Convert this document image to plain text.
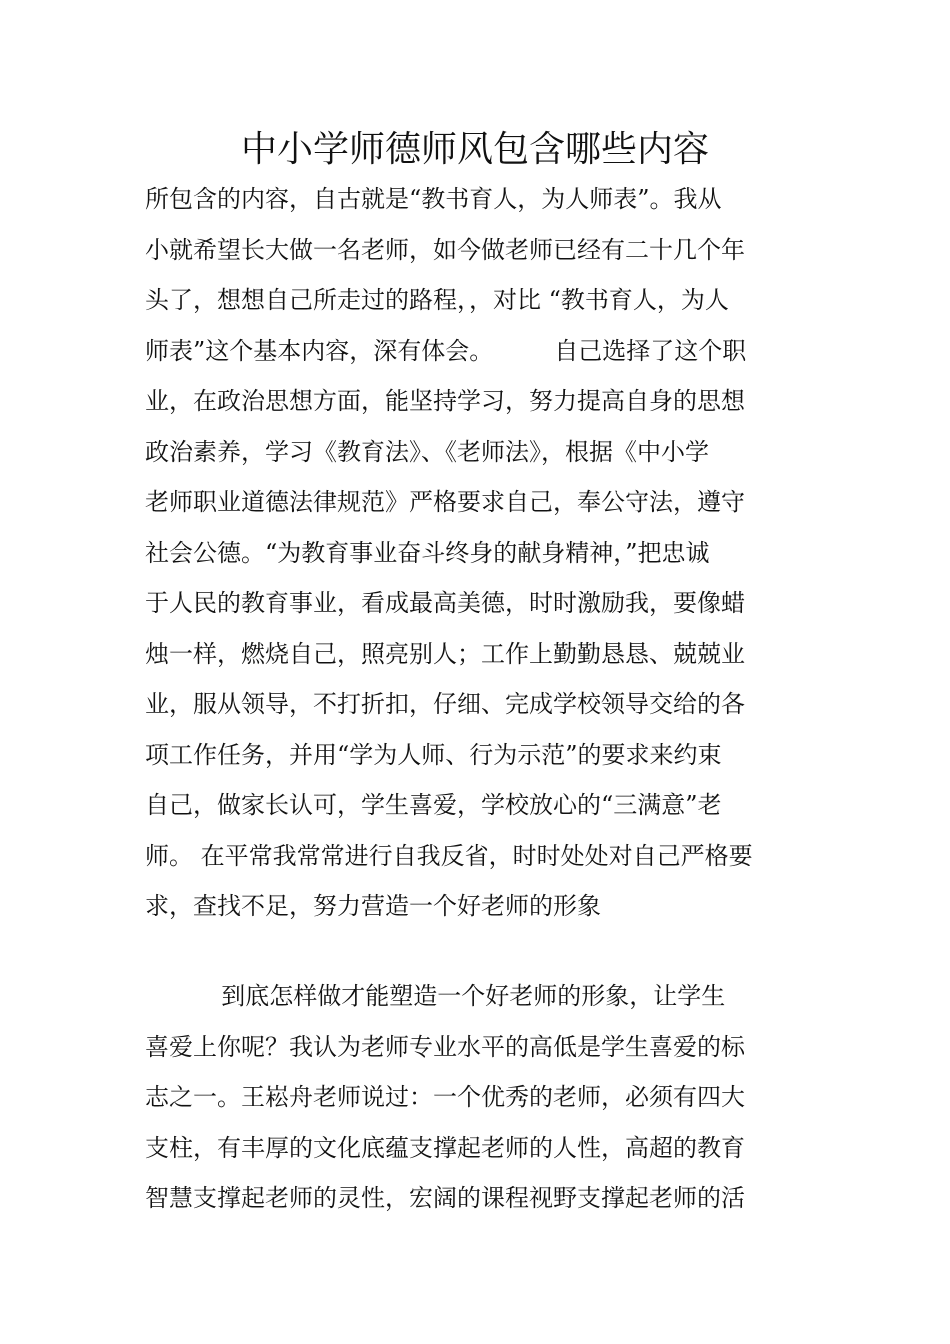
中小学师德师风包含哪些内容
所包含的内容，自古就是“教书育人，为人师表”。我从
小就希望长大做一名老师，如今做老师已经有二十几个年
头了，想想自己所走过的路程，，对比 “教书育人，为人
师表”这个基本内容，深有体会。        自己选择了这个职
业，在政治思想方面，能坚持学习，努力提高自身的思想
政治素养，学习《教育法》、《老师法》，根据《中小学
老师职业道德法律规范》严格要求自己，奉公守法，遵守
社会公德。“为教育事业奋斗终身的献身精神，”把忠诚
于人民的教育事业，看成最高美德，时时激励我，要像蜡
烛一样，燃烧自己，照亮别人；工作上勤勤恳恳、兢兢业
业，服从领导，不打折扣，仔细、完成学校领导交给的各
项工作任务，并用“学为人师、行为示范”的要求来约束
自己，做家长认可，学生喜爱，学校放心的“三满意”老
师。 在平常我常常进行自我反省，时时处处对自己严格要
求，查找不足，努力营造一个好老师的形象
到底怎样做才能塑造一个好老师的形象，让学生
喜爱上你呢？我认为老师专业水平的高低是学生喜爱的标
志之一。王崧舟老师说过：一个优秀的老师，必须有四大
支柱，有丰厚的文化底蕴支撑起老师的人性，高超的教育
智慧支撑起老师的灵性，宏阔的课程视野支撑起老师的活
